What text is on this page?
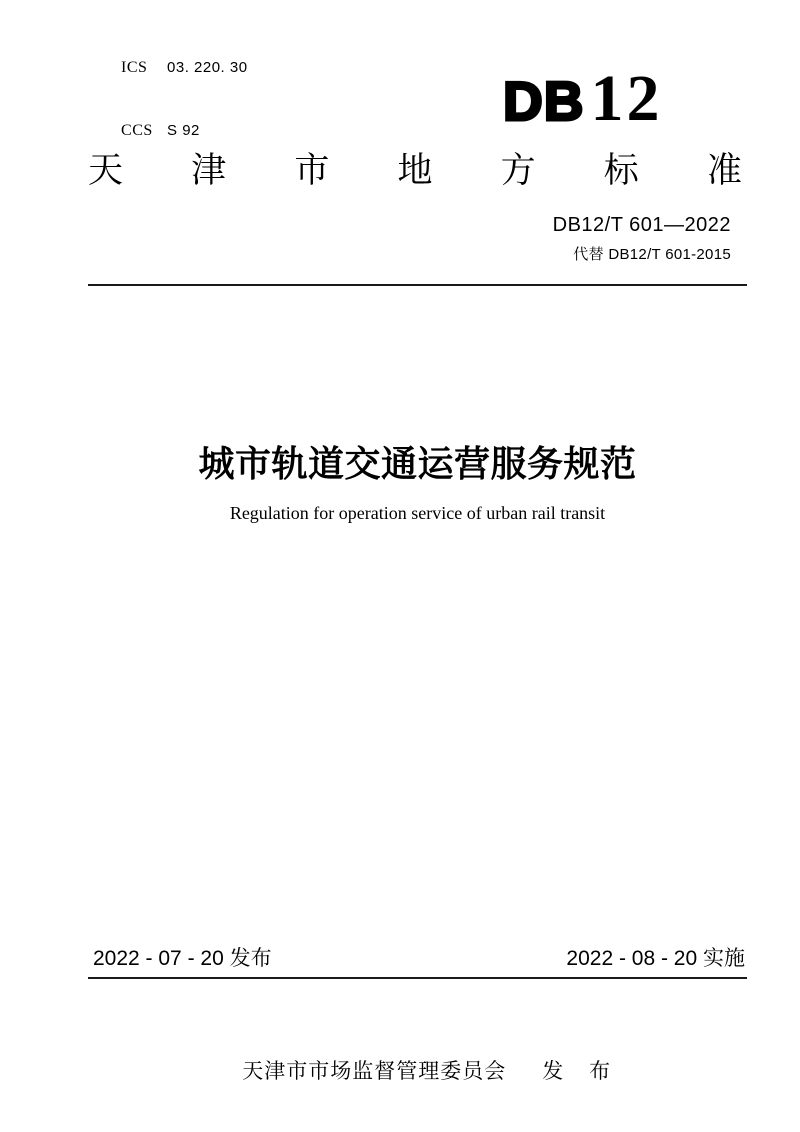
ICS 03. 220. 30

CCS S 92
	DB 12
天 津 市 地 方 标 准
DB12/T 601—2022
代替 DB12/T 601-2015
城市轨道交通运营服务规范
Regulation for operation service of urban rail transit
2022 - 07 - 20 发布	2022 - 08 - 20 实施

天津市市场监督管理委员会 发 布
